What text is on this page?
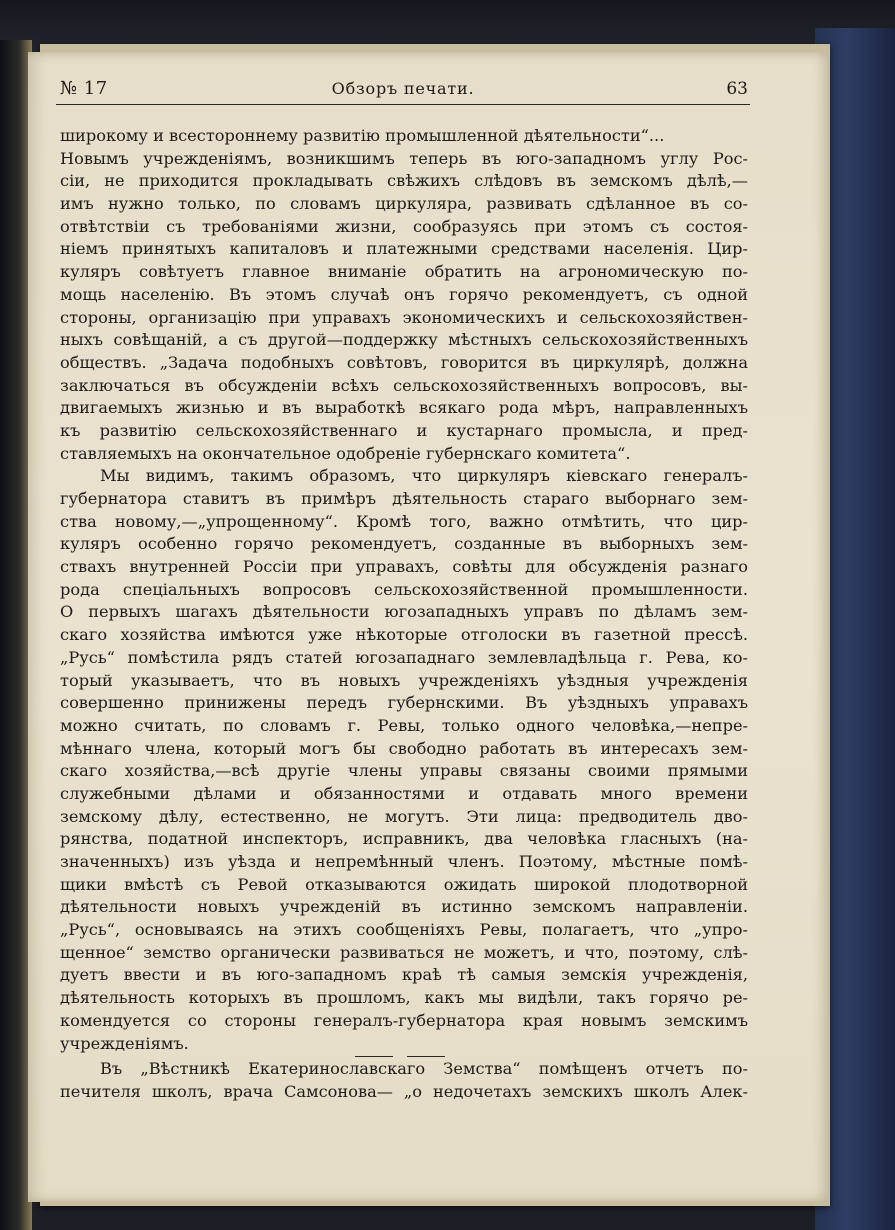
№ 17	Обзоръ печати.	63
широкому и всестороннему развитію промышленной дѣятельности“...
Новымъ учрежденіямъ, возникшимъ теперь въ юго-западномъ углу Рос-
сіи, не приходится прокладывать свѣжихъ слѣдовъ въ земскомъ дѣлѣ,—
имъ нужно только, по словамъ циркуляра, развивать сдѣланное въ со-
отвѣтствіи съ требованіями жизни, сообразуясь при этомъ съ состоя-
ніемъ принятыхъ капиталовъ и платежными средствами населенія. Цир-
куляръ совѣтуетъ главное вниманіе обратить на агрономическую по-
мощь населенію. Въ этомъ случаѣ онъ горячо рекомендуетъ, съ одной
стороны, организацію при управахъ экономическихъ и сельскохозяйствен-
ныхъ совѣщаній, а съ другой—поддержку мѣстныхъ сельскохозяйственныхъ
обществъ. „Задача подобныхъ совѣтовъ, говорится въ циркулярѣ, должна
заключаться въ обсужденіи всѣхъ сельскохозяйственныхъ вопросовъ, вы-
двигаемыхъ жизнью и въ выработкѣ всякаго рода мѣръ, направленныхъ
къ развитію сельскохозяйственнаго и кустарнаго промысла, и пред-
ставляемыхъ на окончательное одобреніе губернскаго комитета“.
Мы видимъ, такимъ образомъ, что циркуляръ кіевскаго генералъ-
губернатора ставитъ въ примѣръ дѣятельность стараго выборнаго зем-
ства новому,—„упрощенному“. Кромѣ того, важно отмѣтить, что цир-
куляръ особенно горячо рекомендуетъ, созданные въ выборныхъ зем-
ствахъ внутренней Россіи при управахъ, совѣты для обсужденія разнаго
рода спеціальныхъ вопросовъ сельскохозяйственной промышленности.
О первыхъ шагахъ дѣятельности югозападныхъ управъ по дѣламъ зем-
скаго хозяйства имѣются уже нѣкоторые отголоски въ газетной прессѣ.
„Русь“ помѣстила рядъ статей югозападнаго землевладѣльца г. Рева, ко-
торый указываетъ, что въ новыхъ учрежденіяхъ уѣздныя учрежденія
совершенно принижены передъ губернскими. Въ уѣздныхъ управахъ
можно считать, по словамъ г. Ревы, только одного человѣка,—непре-
мѣннаго члена, который могъ бы свободно работать въ интересахъ зем-
скаго хозяйства,—всѣ другіе члены управы связаны своими прямыми
служебными дѣлами и обязанностями и отдавать много времени
земскому дѣлу, естественно, не могутъ. Эти лица: предводитель дво-
рянства, податной инспекторъ, исправникъ, два человѣка гласныхъ (на-
значенныхъ) изъ уѣзда и непремѣнный членъ. Поэтому, мѣстные помѣ-
щики вмѣстѣ съ Ревой отказываются ожидать широкой плодотворной
дѣятельности новыхъ учрежденій въ истинно земскомъ направленіи.
„Русь“, основываясь на этихъ сообщеніяхъ Ревы, полагаетъ, что „упро-
щенное“ земство органически развиваться не можетъ, и что, поэтому, слѣ-
дуетъ ввести и въ юго-западномъ краѣ тѣ самыя земскія учрежденія,
дѣятельность которыхъ въ прошломъ, какъ мы видѣли, такъ горячо ре-
комендуется со стороны генералъ-губернатора края новымъ земскимъ
учрежденіямъ.
Въ „Вѣстникѣ Екатеринославскаго Земства“ помѣщенъ отчетъ по-
печителя школъ, врача Самсонова— „о недочетахъ земскихъ школъ Алек-
